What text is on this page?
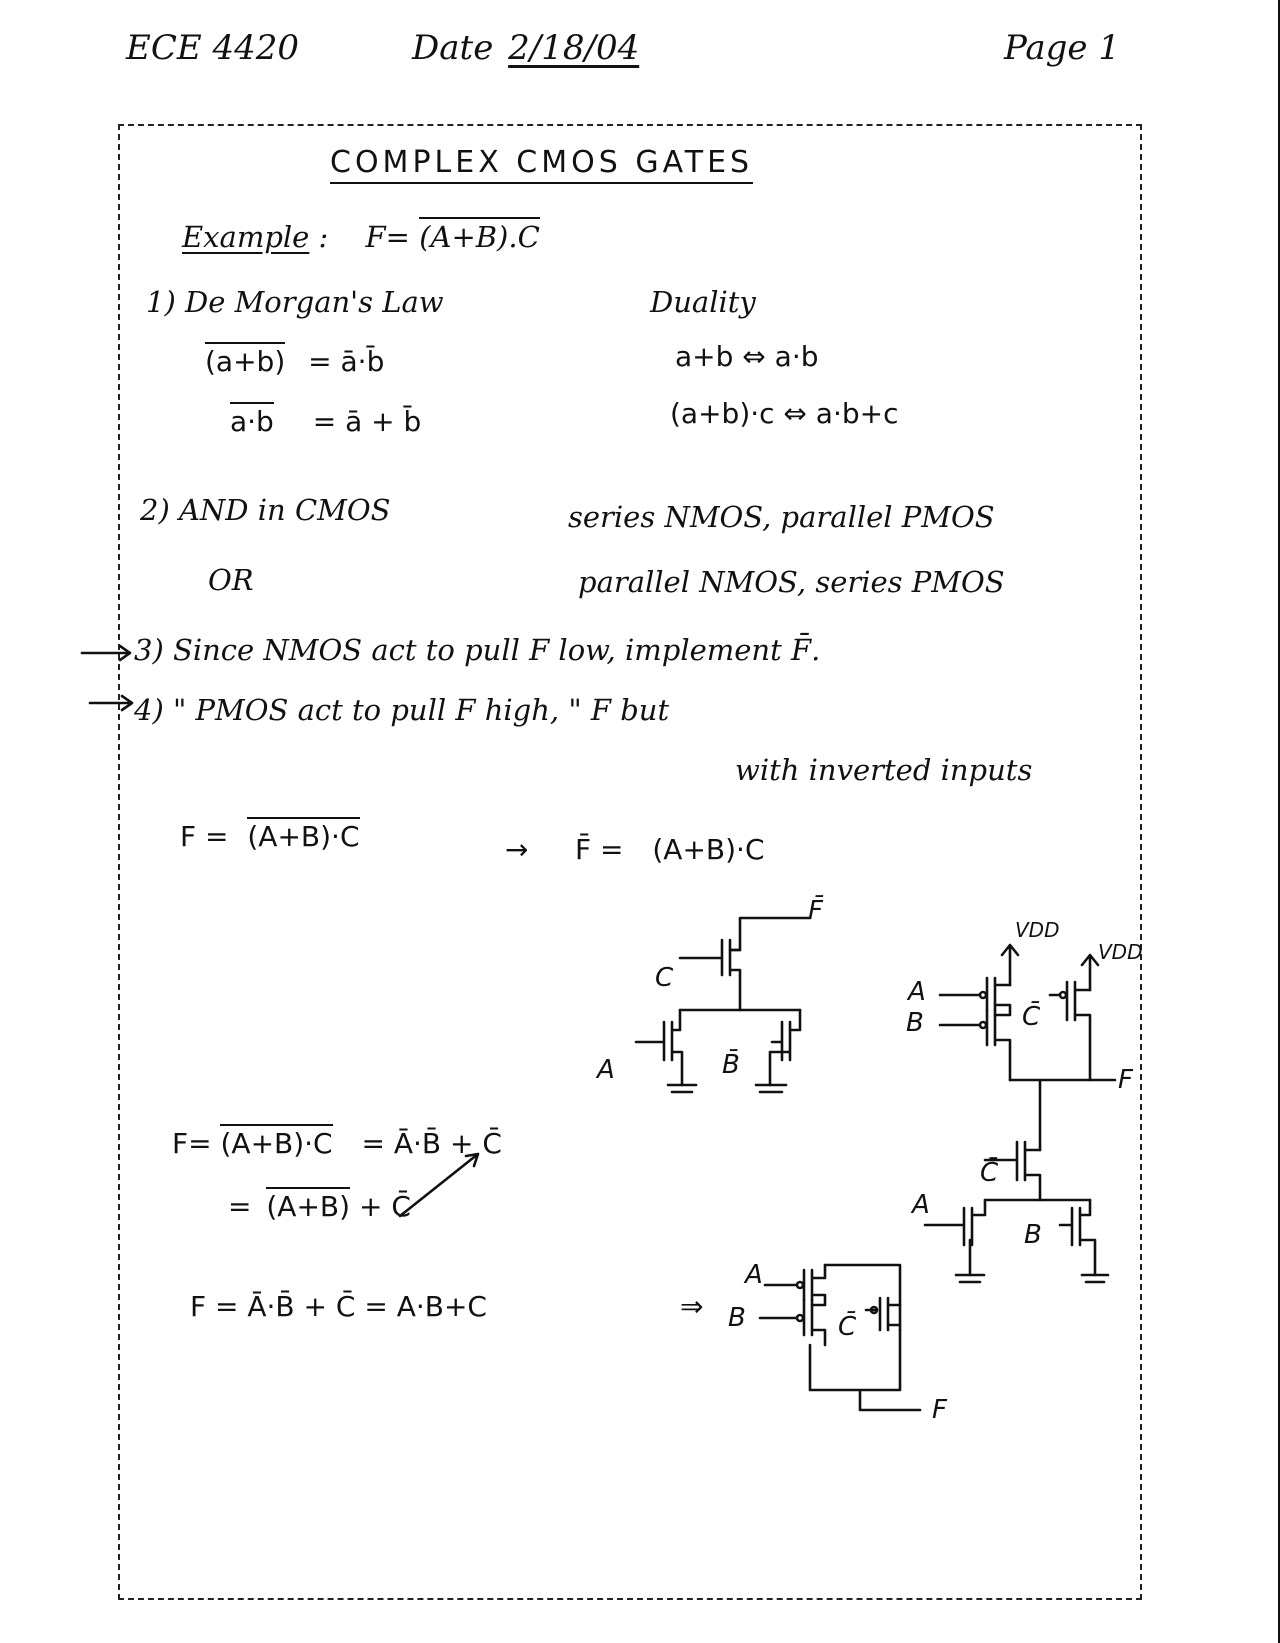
ECE 4420	Date 2/18/04	Page 1
COMPLEX CMOS GATES
Example : F= (A+B).C
1) De Morgan's Law
(a+b) = ā·b̄
a·b = ā + b̄
Duality
a+b ⇔ a·b
(a+b)·c ⇔ a·b+c
2) AND in CMOS	series NMOS, parallel PMOS
OR	parallel NMOS, series PMOS
3) Since NMOS act to pull F low, implement F̄.
4) " PMOS act to pull F high, " F but
with inverted inputs
F = (A+B)·C	→ F̄ = (A+B)·C
F= (A+B)·C = Ā·B̄ + C̄
= (A+B) + C̄
F = Ā·B̄ + C̄ = A·B+C	⇒
F̄
C
A	B̄
VDD
VDD
A
B	C̄
F
C̄
A
B
A
B	C̄
F
